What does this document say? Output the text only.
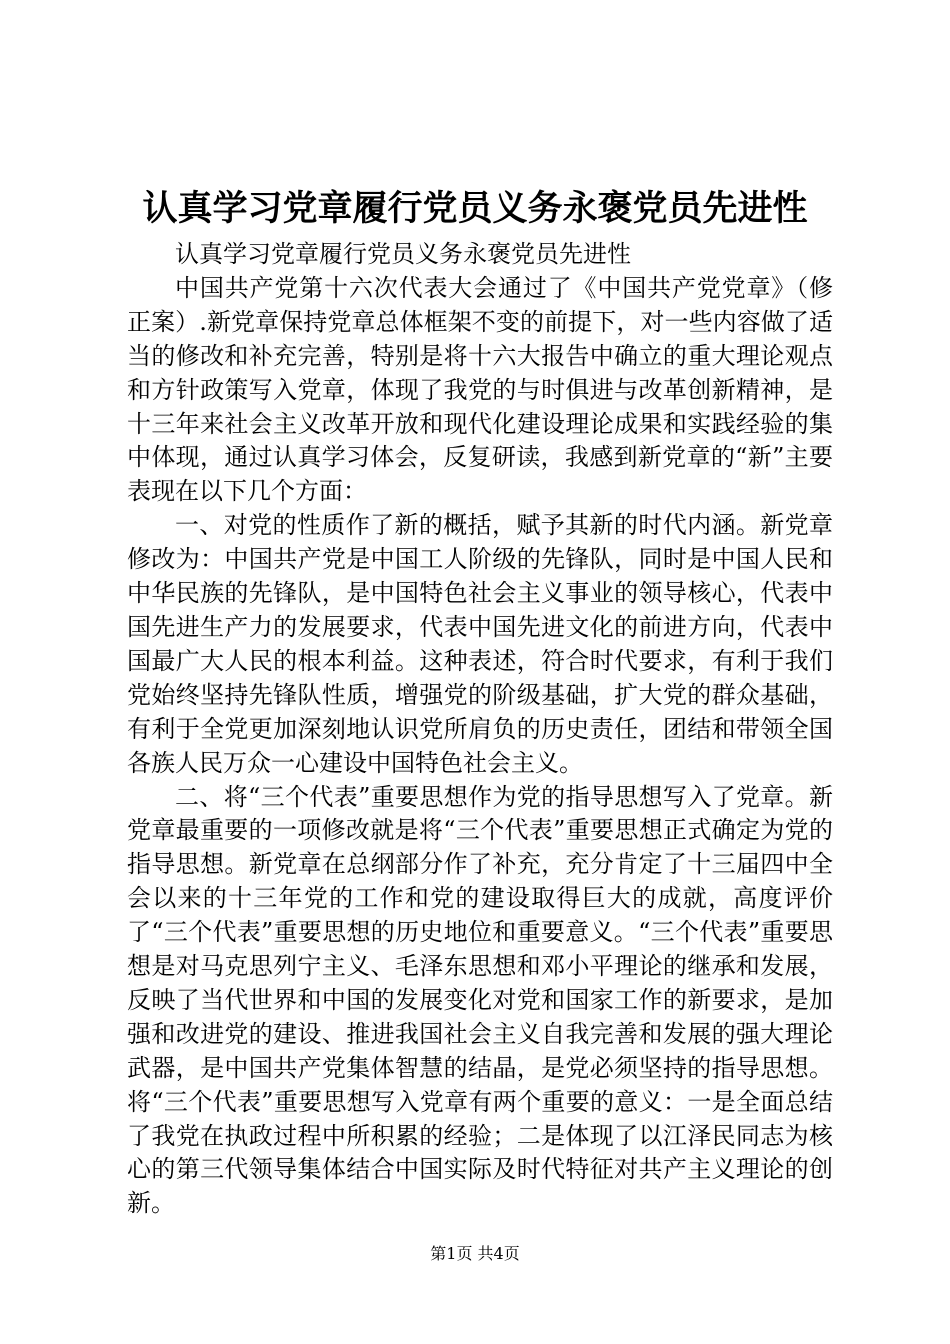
认真学习党章履行党员义务永褒党员先进性

认真学习党章履行党员义务永褒党员先进性

中国共产党第十六次代表大会通过了《中国共产党党章》（修正案）.新党章保持党章总体框架不变的前提下，对一些内容做了适当的修改和补充完善，特别是将十六大报告中确立的重大理论观点和方针政策写入党章，体现了我党的与时俱进与改革创新精神，是十三年来社会主义改革开放和现代化建设理论成果和实践经验的集中体现，通过认真学习体会，反复研读，我感到新党章的“新”主要表现在以下几个方面：

一、对党的性质作了新的概括，赋予其新的时代内涵。新党章修改为：中国共产党是中国工人阶级的先锋队，同时是中国人民和中华民族的先锋队，是中国特色社会主义事业的领导核心，代表中国先进生产力的发展要求，代表中国先进文化的前进方向，代表中国最广大人民的根本利益。这种表述，符合时代要求，有利于我们党始终坚持先锋队性质，增强党的阶级基础，扩大党的群众基础，有利于全党更加深刻地认识党所肩负的历史责任，团结和带领全国各族人民万众一心建设中国特色社会主义。

二、将“三个代表”重要思想作为党的指导思想写入了党章。新党章最重要的一项修改就是将“三个代表”重要思想正式确定为党的指导思想。新党章在总纲部分作了补充，充分肯定了十三届四中全会以来的十三年党的工作和党的建设取得巨大的成就，高度评价了“三个代表”重要思想的历史地位和重要意义。“三个代表”重要思想是对马克思列宁主义、毛泽东思想和邓小平理论的继承和发展，反映了当代世界和中国的发展变化对党和国家工作的新要求，是加强和改进党的建设、推进我国社会主义自我完善和发展的强大理论武器，是中国共产党集体智慧的结晶，是党必须坚持的指导思想。将“三个代表”重要思想写入党章有两个重要的意义：一是全面总结了我党在执政过程中所积累的经验；二是体现了以江泽民同志为核心的第三代领导集体结合中国实际及时代特征对共产主义理论的创新。

第1页 共4页
